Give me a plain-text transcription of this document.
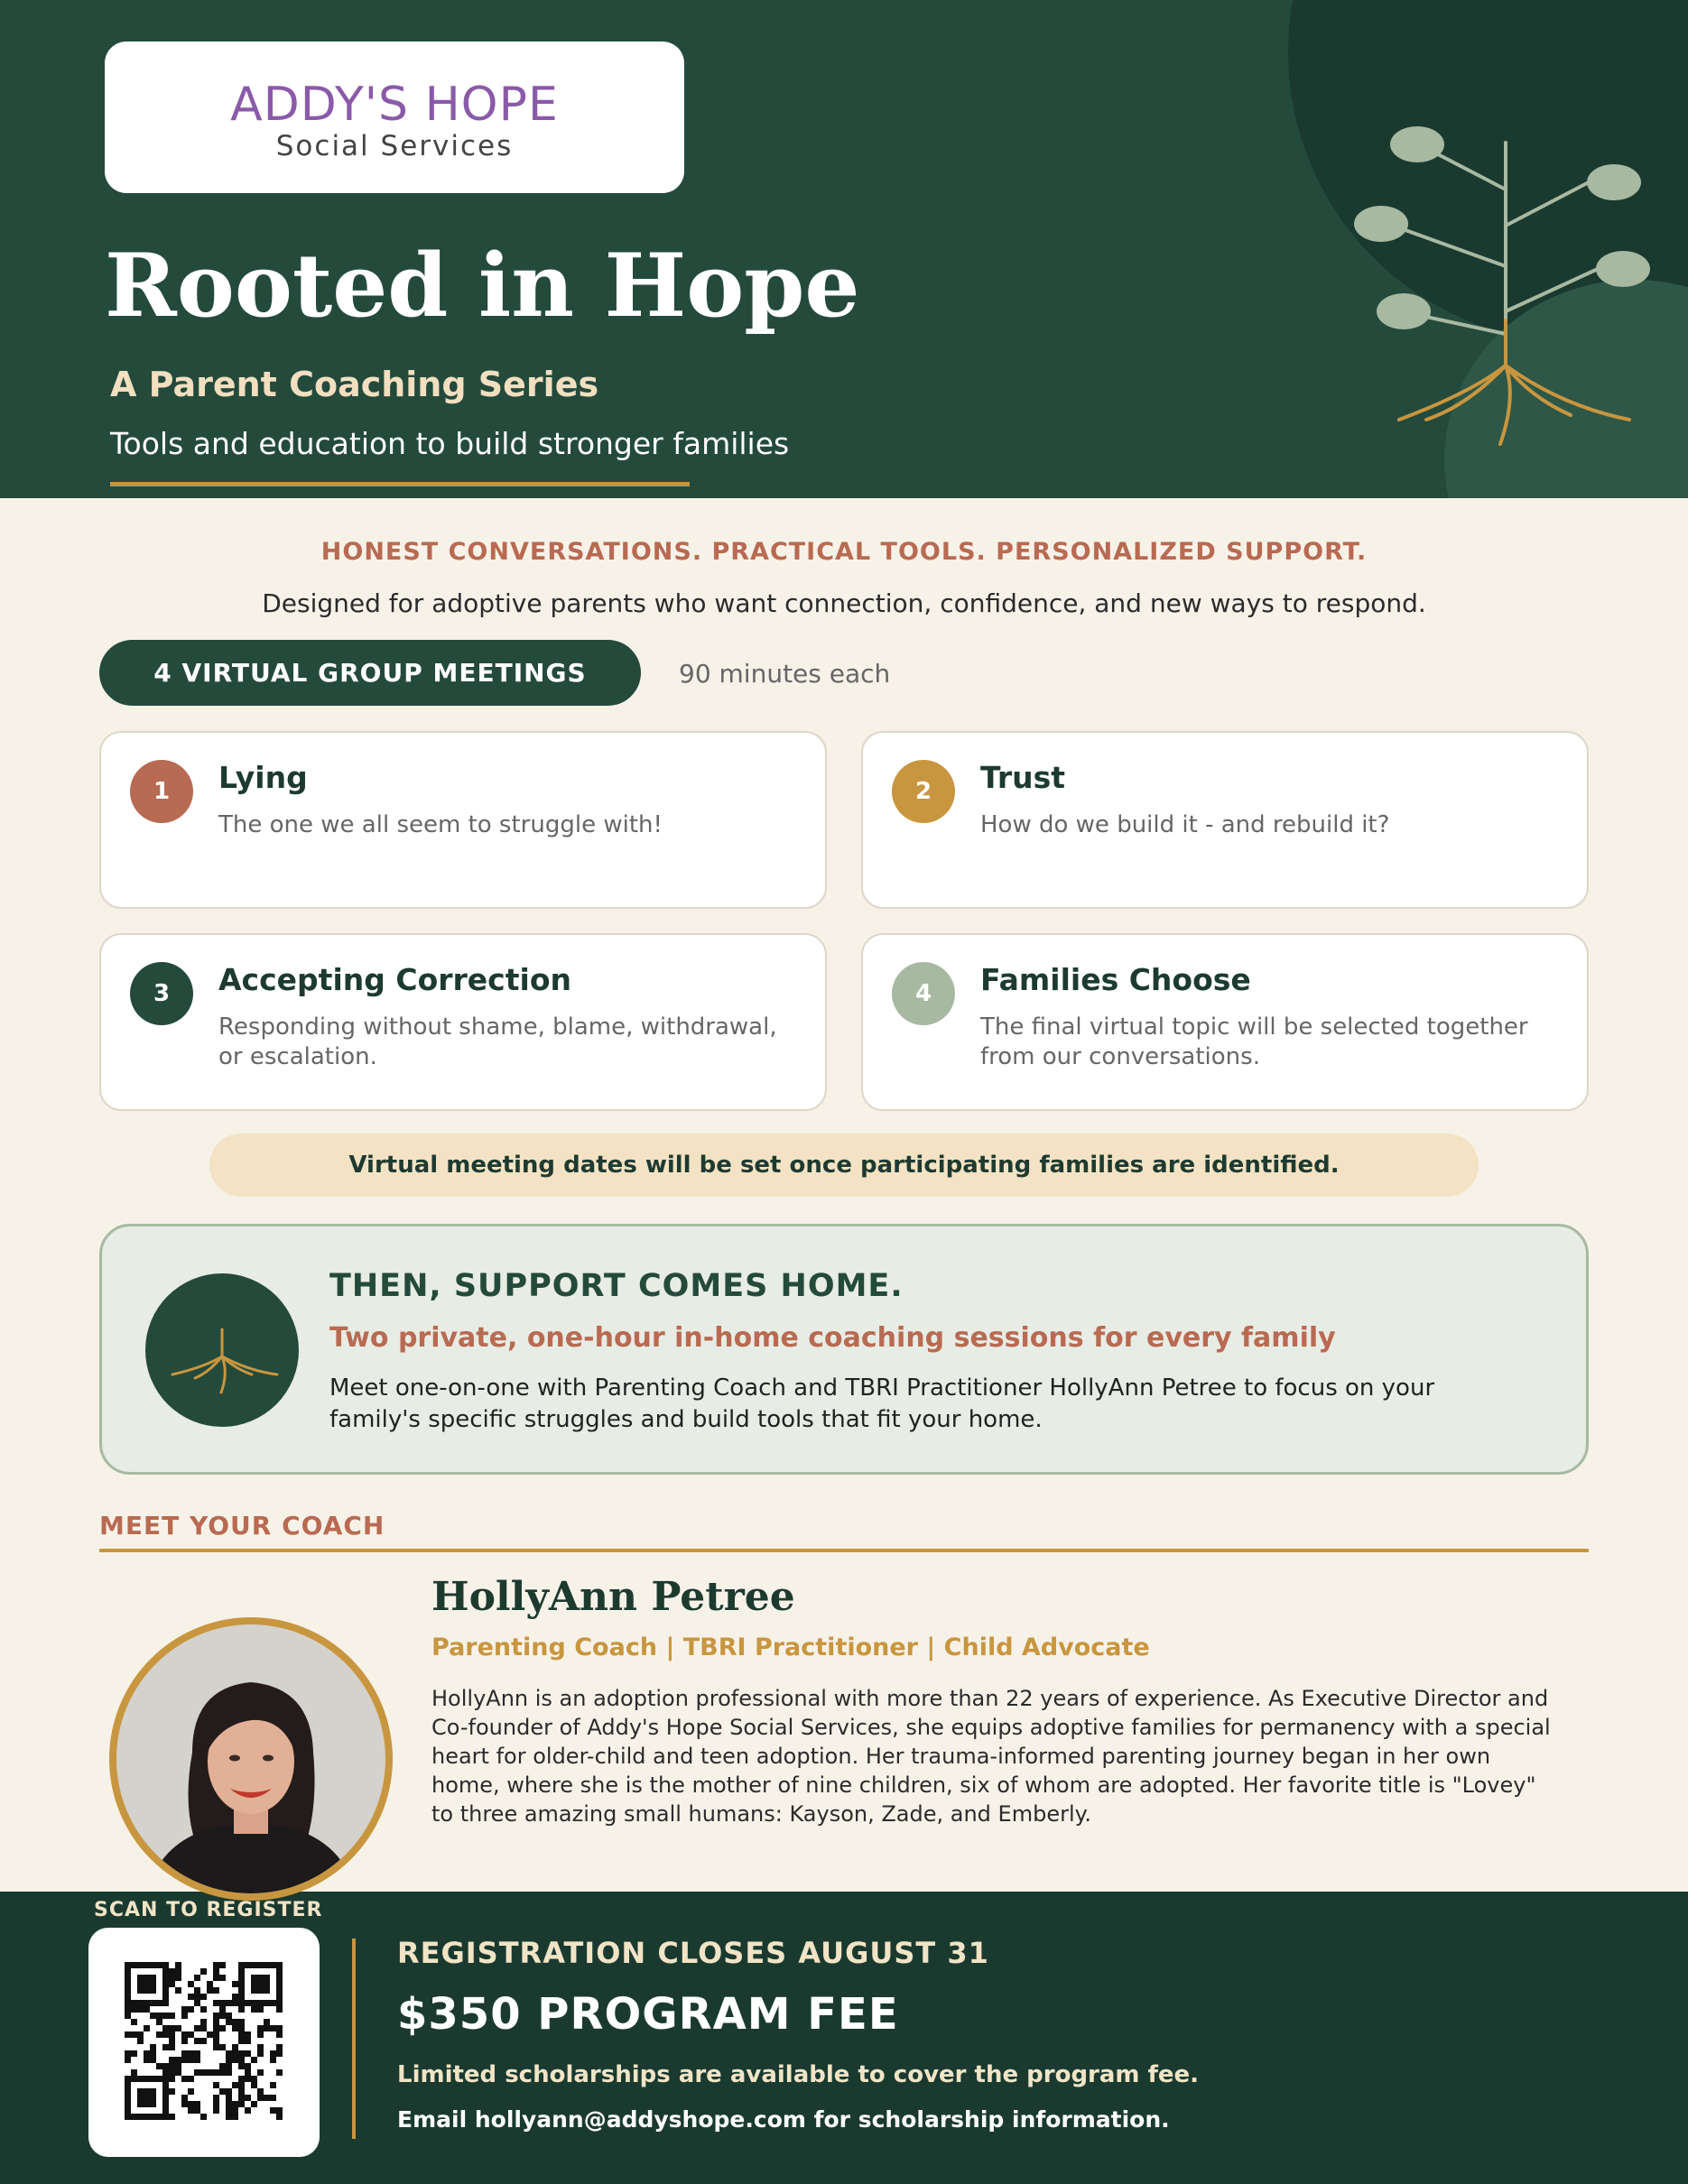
ADDY'S HOPE
Social Services
Rooted in Hope
A Parent Coaching Series
Tools and education to build stronger families
HONEST CONVERSATIONS. PRACTICAL TOOLS. PERSONALIZED SUPPORT.
Designed for adoptive parents who want connection, confidence, and new ways to respond.
4 VIRTUAL GROUP MEETINGS	90 minutes each
1	Lying
The one we all seem to struggle with!
2	Trust
How do we build it - and rebuild it?
3	Accepting Correction
Responding without shame, blame, withdrawal, or escalation.
4	Families Choose
The final virtual topic will be selected together from our conversations.
Virtual meeting dates will be set once participating families are identified.
THEN, SUPPORT COMES HOME.
Two private, one-hour in-home coaching sessions for every family
Meet one-on-one with Parenting Coach and TBRI Practitioner HollyAnn Petree to focus on your family's specific struggles and build tools that fit your home.
MEET YOUR COACH
HollyAnn Petree
Parenting Coach | TBRI Practitioner | Child Advocate
HollyAnn is an adoption professional with more than 22 years of experience. As Executive Director and Co-founder of Addy's Hope Social Services, she equips adoptive families for permanency with a special heart for older-child and teen adoption. Her trauma-informed parenting journey began in her own home, where she is the mother of nine children, six of whom are adopted. Her favorite title is "Lovey" to three amazing small humans: Kayson, Zade, and Emberly.
SCAN TO REGISTER
REGISTRATION CLOSES AUGUST 31
$350 PROGRAM FEE
Limited scholarships are available to cover the program fee.
Email hollyann@addyshope.com for scholarship information.
